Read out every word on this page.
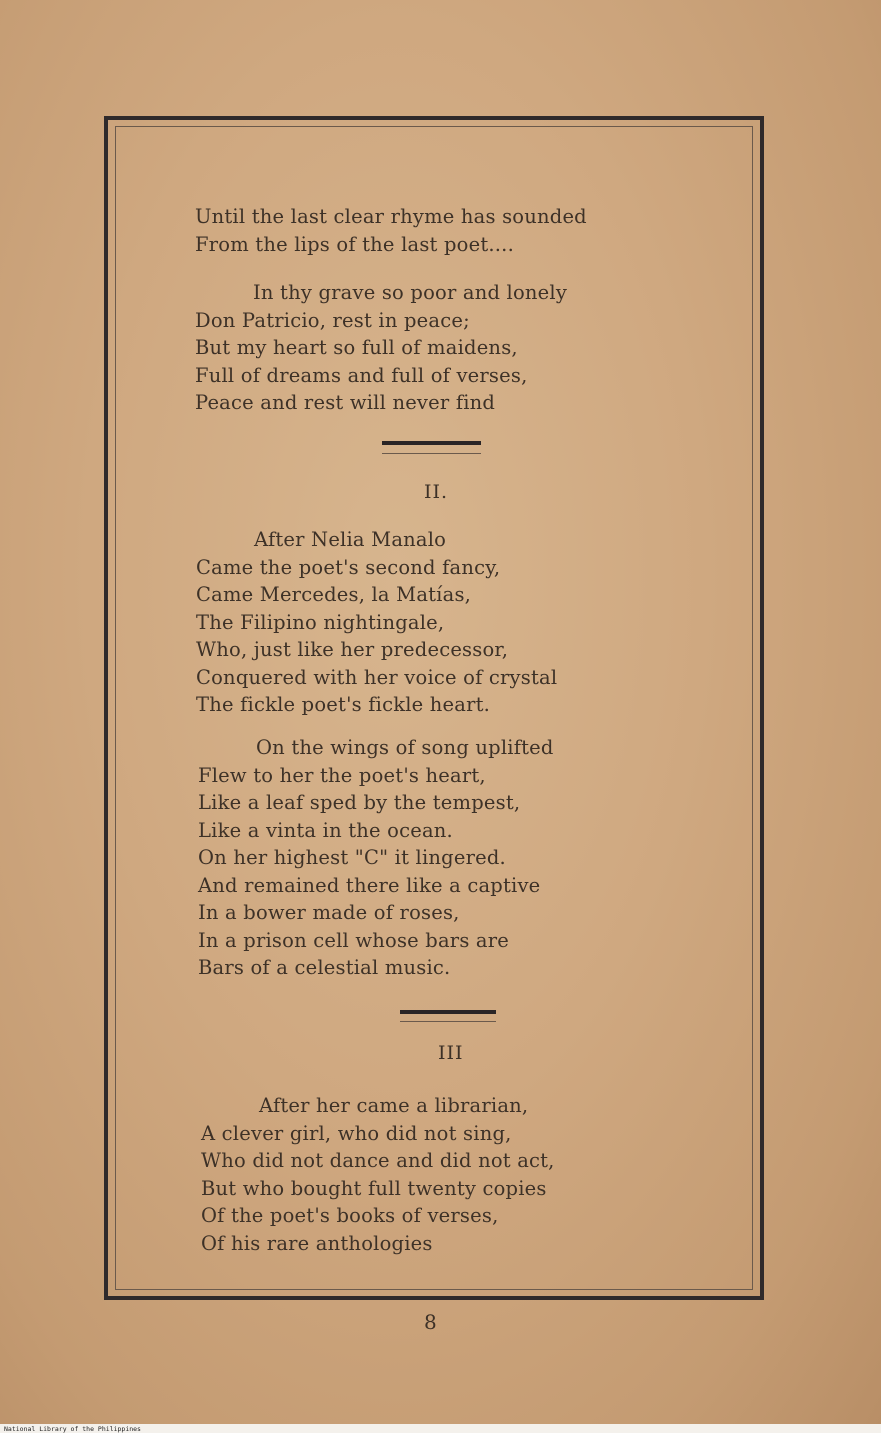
Until the last clear rhyme has sounded
From the lips of the last poet....
In thy grave so poor and lonely
Don Patricio, rest in peace;
But my heart so full of maidens,
Full of dreams and full of verses,
Peace and rest will never find
II.
After Nelia Manalo
Came the poet's second fancy,
Came Mercedes, la Matías,
The Filipino nightingale,
Who, just like her predecessor,
Conquered with her voice of crystal
The fickle poet's fickle heart.
On the wings of song uplifted
Flew to her the poet's heart,
Like a leaf sped by the tempest,
Like a vinta in the ocean.
On her highest "C" it lingered.
And remained there like a captive
In a bower made of roses,
In a prison cell whose bars are
Bars of a celestial music.
III
After her came a librarian,
A clever girl, who did not sing,
Who did not dance and did not act,
But who bought full twenty copies
Of the poet's books of verses,
Of his rare anthologies
8
National Library of the Philippines
